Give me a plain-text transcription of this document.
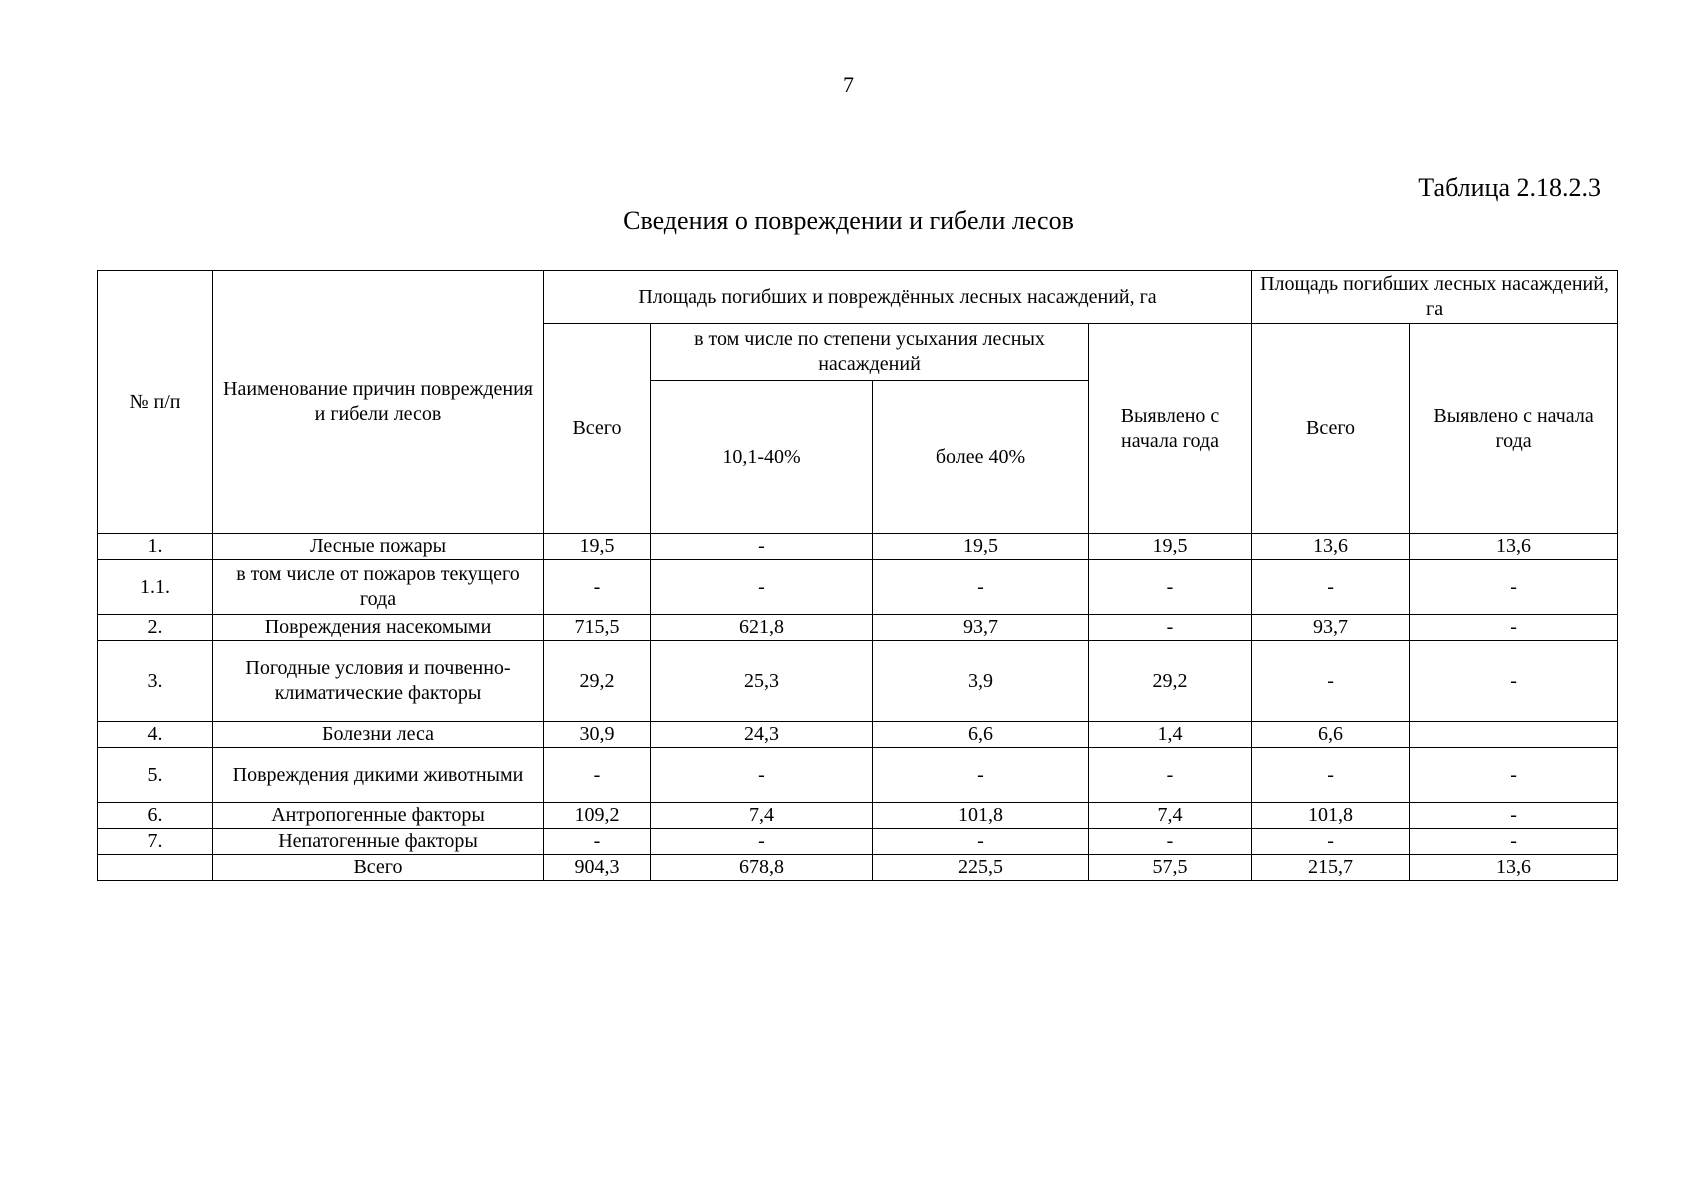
7
Таблица 2.18.2.3
Сведения о повреждении и гибели лесов
№ п/п	Наименование причин повреждения и гибели лесов	Площадь погибших и повреждённых лесных насаждений, га				Площадь погибших лесных насаждений, га	
		Всего	в том числе по степени усыхания лесных насаждений		Выявлено с начала года	Всего	Выявлено с начала года
			10,1-40%	более 40%			
1.	Лесные пожары	19,5	-	19,5	19,5	13,6	13,6
1.1.	в том числе от пожаров текущего года	-	-	-	-	-	-
2.	Повреждения насекомыми	715,5	621,8	93,7	-	93,7	-
3.	Погодные условия и почвенно-климатические факторы	29,2	25,3	3,9	29,2	-	-
4.	Болезни леса	30,9	24,3	6,6	1,4	6,6	
5.	Повреждения дикими животными	-	-	-	-	-	-
6.	Антропогенные факторы	109,2	7,4	101,8	7,4	101,8	-
7.	Непатогенные факторы	-	-	-	-	-	-
	Всего	904,3	678,8	225,5	57,5	215,7	13,6
